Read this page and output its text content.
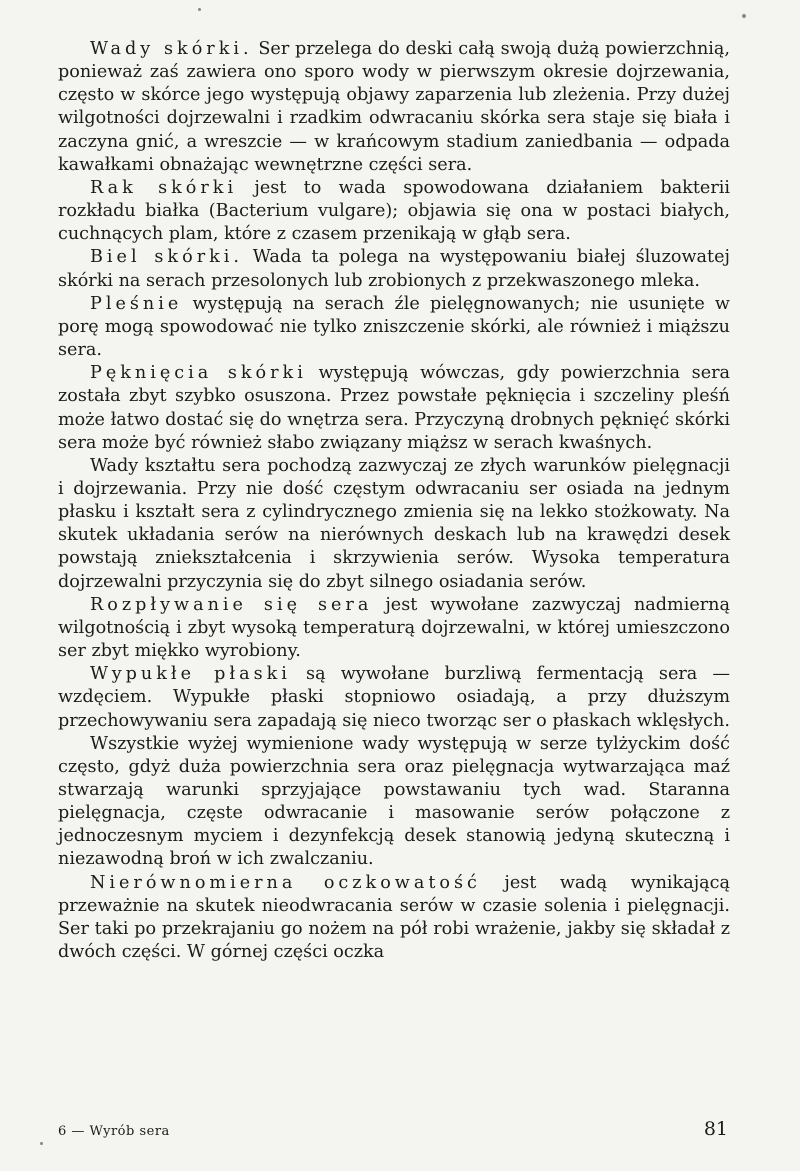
Wady skórki. Ser przelega do deski całą swoją dużą powierzchnią, ponieważ zaś zawiera ono sporo wody w pierwszym okresie dojrzewania, często w skórce jego występują objawy zaparzenia lub zleżenia. Przy dużej wilgotności dojrzewalni i rzadkim odwracaniu skórka sera staje się biała i zaczyna gnić, a wreszcie — w krańcowym stadium zaniedbania — odpada kawałkami obnażając wewnętrzne części sera.

Rak skórki jest to wada spowodowana działaniem bakterii rozkładu białka (Bacterium vulgare); objawia się ona w postaci białych, cuchnących plam, które z czasem przenikają w głąb sera.

Biel skórki. Wada ta polega na występowaniu białej śluzowatej skórki na serach przesolonych lub zrobionych z przekwaszonego mleka.

Pleśnie występują na serach źle pielęgnowanych; nie usunięte w porę mogą spowodować nie tylko zniszczenie skórki, ale również i miąższu sera.

Pęknięcia skórki występują wówczas, gdy powierzchnia sera została zbyt szybko osuszona. Przez powstałe pęknięcia i szczeliny pleśń może łatwo dostać się do wnętrza sera. Przyczyną drobnych pęknięć skórki sera może być również słabo związany miąższ w serach kwaśnych.

Wady kształtu sera pochodzą zazwyczaj ze złych warunków pielęgnacji i dojrzewania. Przy nie dość częstym odwracaniu ser osiada na jednym płasku i kształt sera z cylindrycznego zmienia się na lekko stożkowaty. Na skutek układania serów na nierównych deskach lub na krawędzi desek powstają zniekształcenia i skrzywienia serów. Wysoka temperatura dojrzewalni przyczynia się do zbyt silnego osiadania serów.

Rozpływanie się sera jest wywołane zazwyczaj nadmierną wilgotnością i zbyt wysoką temperaturą dojrzewalni, w której umieszczono ser zbyt miękko wyrobiony.

Wypukłe płaski są wywołane burzliwą fermentacją sera — wzdęciem. Wypukłe płaski stopniowo osiadają, a przy dłuższym przechowywaniu sera zapadają się nieco tworząc ser o płaskach wklęsłych.

Wszystkie wyżej wymienione wady występują w serze tylżyckim dość często, gdyż duża powierzchnia sera oraz pielęgnacja wytwarzająca maź stwarzają warunki sprzyjające powstawaniu tych wad. Staranna pielęgnacja, częste odwracanie i masowanie serów połączone z jednoczesnym myciem i dezynfekcją desek stanowią jedyną skuteczną i niezawodną broń w ich zwalczaniu.

Nierównomierna oczkowatość jest wadą wynikającą przeważnie na skutek nieodwracania serów w czasie solenia i pielęgnacji. Ser taki po przekrajaniu go nożem na pół robi wrażenie, jakby się składał z dwóch części. W górnej części oczka

6 — Wyrób sera	81
